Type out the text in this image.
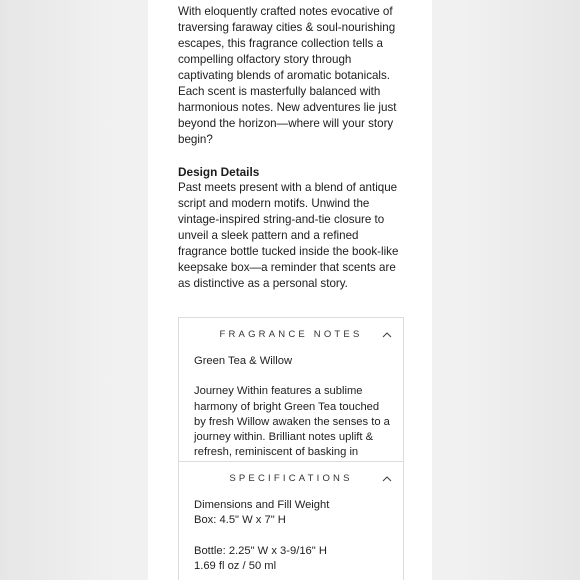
With eloquently crafted notes evocative of traversing faraway cities & soul-nourishing escapes, this fragrance collection tells a compelling olfactory story through captivating blends of aromatic botanicals. Each scent is masterfully balanced with harmonious notes. New adventures lie just beyond the horizon—where will your story begin?

Design Details

Past meets present with a blend of antique script and modern motifs. Unwind the vintage-inspired string-and-tie closure to unveil a sleek pattern and a refined fragrance bottle tucked inside the book-like keepsake box—a reminder that scents are as distinctive as a personal story.

FRAGRANCE NOTES

Green Tea & Willow

Journey Within features a sublime harmony of bright Green Tea touched by fresh Willow awaken the senses to a journey within. Brilliant notes uplift & refresh, reminiscent of basking in

SPECIFICATIONS

Dimensions and Fill Weight

Box: 4.5" W x 7" H

Bottle: 2.25" W x 3-9/16" H

1.69 fl oz / 50 ml
